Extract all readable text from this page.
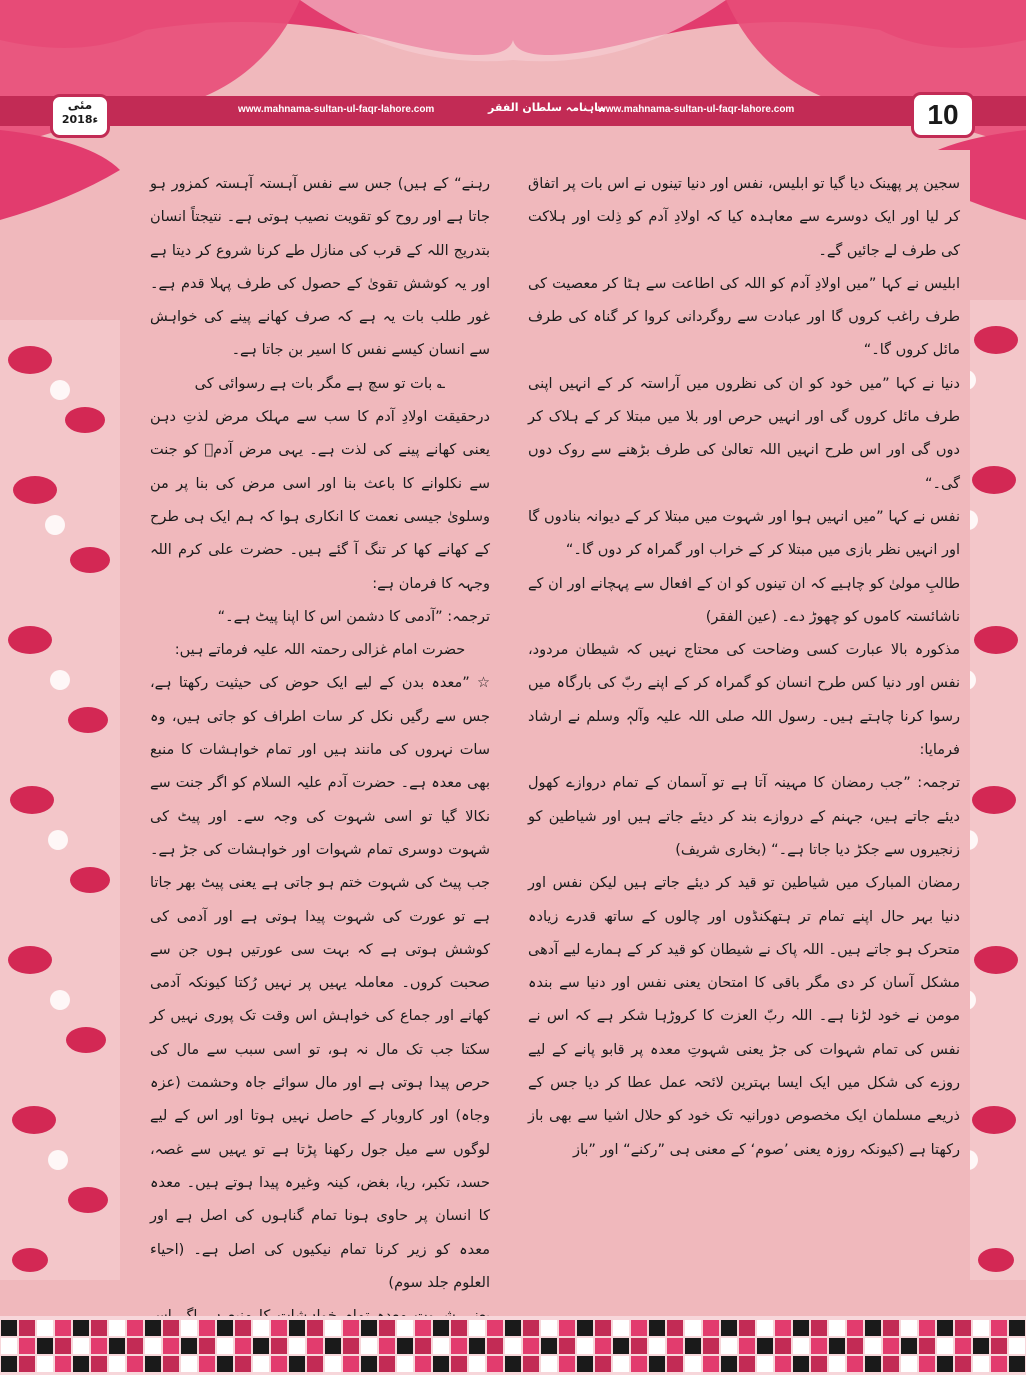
www.mahnama-sultan-ul-faqr-lahore.com	ماہنامہ سلطان الفقر
www.mahnama-sultan-ul-faqr-lahore.com	10
مئی
2018ء

سجین پر پھینک دیا گیا تو ابلیس، نفس اور دنیا تینوں نے اس بات پر اتفاق کر لیا اور ایک دوسرے سے معاہدہ کیا کہ اولادِ آدم کو ذِلت اور ہلاکت کی طرف لے جائیں گے۔

ابلیس نے کہا ”میں اولادِ آدم کو اللہ کی اطاعت سے ہٹا کر معصیت کی طرف راغب کروں گا اور عبادت سے روگردانی کروا کر گناہ کی طرف مائل کروں گا۔“

دنیا نے کہا ”میں خود کو ان کی نظروں میں آراستہ کر کے انہیں اپنی طرف مائل کروں گی اور انہیں حرص اور بلا میں مبتلا کر کے ہلاک کر دوں گی اور اس طرح انہیں اللہ تعالیٰ کی طرف بڑھنے سے روک دوں گی۔“

نفس نے کہا ”میں انہیں ہوا اور شہوت میں مبتلا کر کے دیوانہ بنادوں گا اور انہیں نظر بازی میں مبتلا کر کے خراب اور گمراہ کر دوں گا۔“

طالبِ مولیٰ کو چاہیے کہ ان تینوں کو ان کے افعال سے پہچانے اور ان کے ناشائستہ کاموں کو چھوڑ دے۔ (عین الفقر)

مذکورہ بالا عبارت کسی وضاحت کی محتاج نہیں کہ شیطان مردود، نفس اور دنیا کس طرح انسان کو گمراہ کر کے اپنے ربّ کی بارگاہ میں رسوا کرنا چاہتے ہیں۔ رسول اللہ صلی اللہ علیہ وآلہٖ وسلم نے ارشاد فرمایا:

ترجمہ: ”جب رمضان کا مہینہ آتا ہے تو آسمان کے تمام دروازے کھول دیئے جاتے ہیں، جہنم کے دروازے بند کر دیئے جاتے ہیں اور شیاطین کو زنجیروں سے جکڑ دیا جاتا ہے۔“ (بخاری شریف)

رمضان المبارک میں شیاطین تو قید کر دیئے جاتے ہیں لیکن نفس اور دنیا بہر حال اپنے تمام تر ہتھکنڈوں اور چالوں کے ساتھ قدرے زیادہ متحرک ہو جاتے ہیں۔ اللہ پاک نے شیطان کو قید کر کے ہمارے لیے آدھی مشکل آسان کر دی مگر باقی کا امتحان یعنی نفس اور دنیا سے بندہ مومن نے خود لڑنا ہے۔ اللہ ربّ العزت کا کروڑہا شکر ہے کہ اس نے نفس کی تمام شہوات کی جڑ یعنی شہوتِ معدہ پر قابو پانے کے لیے روزے کی شکل میں ایک ایسا بہترین لائحہ عمل عطا کر دیا جس کے ذریعے مسلمان ایک مخصوص دورانیہ تک خود کو حلال اشیا سے بھی باز رکھتا ہے (کیونکہ روزہ یعنی ’صوم‘ کے معنی ہی ”رکنے“ اور ”باز

رہنے“ کے ہیں) جس سے نفس آہستہ آہستہ کمزور ہو جاتا ہے اور روح کو تقویت نصیب ہوتی ہے۔ نتیجتاً انسان بتدریج اللہ کے قرب کی منازل طے کرنا شروع کر دیتا ہے اور یہ کوشش تقویٰ کے حصول کی طرف پہلا قدم ہے۔ غور طلب بات یہ ہے کہ صرف کھانے پینے کی خواہش سے انسان کیسے نفس کا اسیر بن جاتا ہے۔

؎ بات تو سچ ہے مگر بات ہے رسوائی کی

درحقیقت اولادِ آدم کا سب سے مہلک مرض لذتِ دہن یعنی کھانے پینے کی لذت ہے۔ یہی مرض آدمؑ کو جنت سے نکلوانے کا باعث بنا اور اسی مرض کی بنا پر من وسلویٰ جیسی نعمت کا انکاری ہوا کہ ہم ایک ہی طرح کے کھانے کھا کر تنگ آ گئے ہیں۔ حضرت علی کرم اللہ وجہہ کا فرمان ہے:

ترجمہ: ”آدمی کا دشمن اس کا اپنا پیٹ ہے۔“

حضرت امام غزالی رحمتہ اللہ علیہ فرماتے ہیں:

☆ ”معدہ بدن کے لیے ایک حوض کی حیثیت رکھتا ہے، جس سے رگیں نکل کر سات اطراف کو جاتی ہیں، وہ سات نہروں کی مانند ہیں اور تمام خواہشات کا منبع بھی معدہ ہے۔ حضرت آدم علیہ السلام کو اگر جنت سے نکالا گیا تو اسی شہوت کی وجہ سے۔ اور پیٹ کی شہوت دوسری تمام شہوات اور خواہشات کی جڑ ہے۔ جب پیٹ کی شہوت ختم ہو جاتی ہے یعنی پیٹ بھر جاتا ہے تو عورت کی شہوت پیدا ہوتی ہے اور آدمی کی کوشش ہوتی ہے کہ بہت سی عورتیں ہوں جن سے صحبت کروں۔ معاملہ یہیں پر نہیں رُکتا کیونکہ آدمی کھانے اور جماع کی خواہش اس وقت تک پوری نہیں کر سکتا جب تک مال نہ ہو، تو اسی سبب سے مال کی حرص پیدا ہوتی ہے اور مال سوائے جاہ وحشمت (عزہ وجاہ) اور کاروبار کے حاصل نہیں ہوتا اور اس کے لیے لوگوں سے میل جول رکھنا پڑتا ہے تو یہیں سے غصہ، حسد، تکبر، ریا، بغض، کینہ وغیرہ پیدا ہوتے ہیں۔ معدہ کا انسان پر حاوی ہونا تمام گناہوں کی اصل ہے اور معدہ کو زیر کرنا تمام نیکیوں کی اصل ہے۔ (احیاء العلوم جلد سوم)
